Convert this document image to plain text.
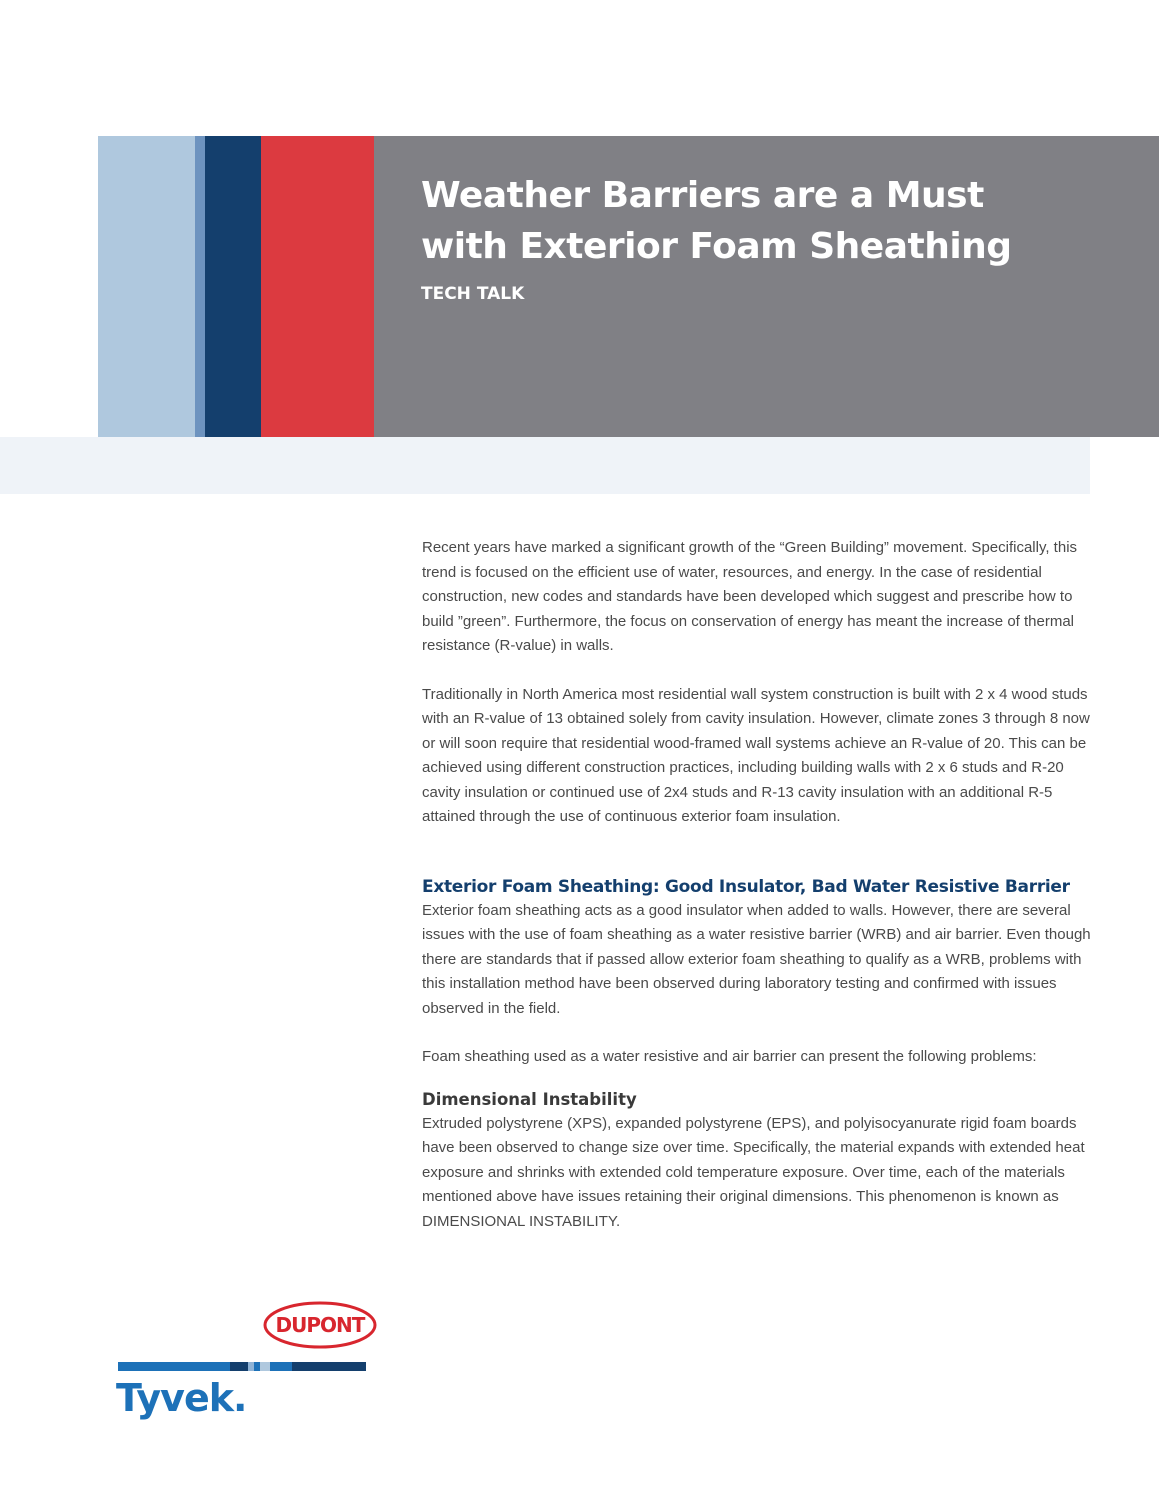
Weather Barriers are a Must
with Exterior Foam Sheathing

TECH TALK

Recent years have marked a significant growth of the “Green Building” movement. Specifically, this trend is focused on the efficient use of water, resources, and energy. In the case of residential construction, new codes and standards have been developed which suggest and prescribe how to build ”green”. Furthermore, the focus on conservation of energy has meant the increase of thermal resistance (R-value) in walls.

Traditionally in North America most residential wall system construction is built with 2 x 4 wood studs with an R-value of 13 obtained solely from cavity insulation. However, climate zones 3 through 8 now or will soon require that residential wood-framed wall systems achieve an R-value of 20. This can be achieved using different construction practices, including building walls with 2 x 6 studs and R-20 cavity insulation or continued use of 2x4 studs and R-13 cavity insulation with an additional R-5 attained through the use of continuous exterior foam insulation.

Exterior Foam Sheathing: Good Insulator, Bad Water Resistive Barrier

Exterior foam sheathing acts as a good insulator when added to walls. However, there are several issues with the use of foam sheathing as a water resistive barrier (WRB) and air barrier. Even though there are standards that if passed allow exterior foam sheathing to qualify as a WRB, problems with this installation method have been observed during laboratory testing and confirmed with issues observed in the field.

Foam sheathing used as a water resistive and air barrier can present the following problems:

Dimensional Instability

Extruded polystyrene (XPS), expanded polystyrene (EPS), and polyisocyanurate rigid foam boards have been observed to change size over time. Specifically, the material expands with extended heat exposure and shrinks with extended cold temperature exposure. Over time, each of the materials mentioned above have issues retaining their original dimensions. This phenomenon is known as DIMENSIONAL INSTABILITY.

DUPONT

Tyvek.
